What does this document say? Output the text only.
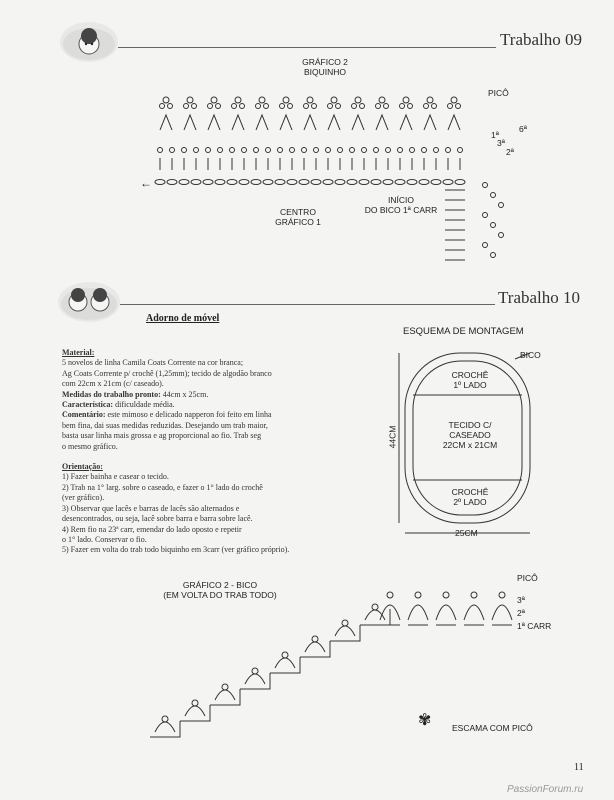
Trabalho 09
GRÁFICO 2
BIQUINHO
PICÔ
6ª
1ª
3ª
2ª
CENTRO
GRÁFICO 1
INÍCIO
DO BICO 1ª CARR
←
Trabalho 10
Adorno de móvel
Material:
5 novelos de linha Camila Coats Corrente na cor branca;
Ag Coats Corrente p/ crochê (1,25mm); tecido de algodão branco
com 22cm x 21cm (c/ caseado).
Medidas do trabalho pronto: 44cm x 25cm.
Característica: dificuldade média.
Comentário: este mimoso e delicado napperon foi feito em linha
bem fina, dai suas medidas reduzidas. Desejando um trab maior,
basta usar linha mais grossa e ag proporcional ao fio. Trab seg
o mesmo gráfico.
Orientação:
1) Fazer bainha e casear o tecido.
2) Trab na 1° larg. sobre o caseado, e fazer o 1° lado do crochê
(ver gráfico).
3) Observar que lacês e barras de lacês são alternados e
desencontrados, ou seja, lacê sobre barra e barra sobre lacê.
4) Rem fio na 23ª carr, emendar do lado oposto e repetir
o 1° lado. Conservar o fio.
5) Fazer em volta do trab todo biquinho em 3carr (ver gráfico próprio).
ESQUEMA DE MONTAGEM
BICO
CROCHÊ
1º LADO
TECIDO C/
CASEADO
22CM x 21CM
CROCHÊ
2º LADO
44CM
25CM
GRÁFICO 2 - BICO
(EM VOLTA DO TRAB TODO)
PICÔ
3ª
2ª
1ª CARR
✾ ESCAMA COM PICÔ
11
PassionForum.ru
